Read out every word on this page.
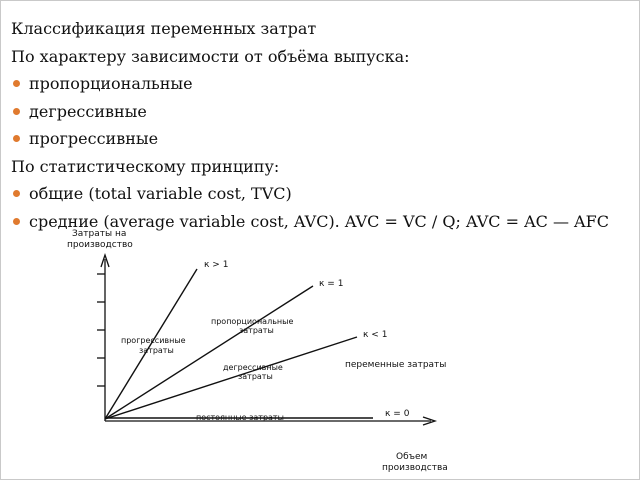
Классификация переменных затрат
По характеру зависимости от объёма выпуска:
пропорциональные
дегрессивные
прогрессивные
По статистическому принципу:
общие (total variable cost, TVC)
средние (average variable cost, AVC). AVC = VC / Q; AVC = AC — AFC
Затраты на
производство
Объем
производства
к > 1
к = 1
к < 1
к = 0
прогрессивные
затраты
пропорциональные
затраты
дегрессивные
затраты
постоянные затраты
переменные затраты
